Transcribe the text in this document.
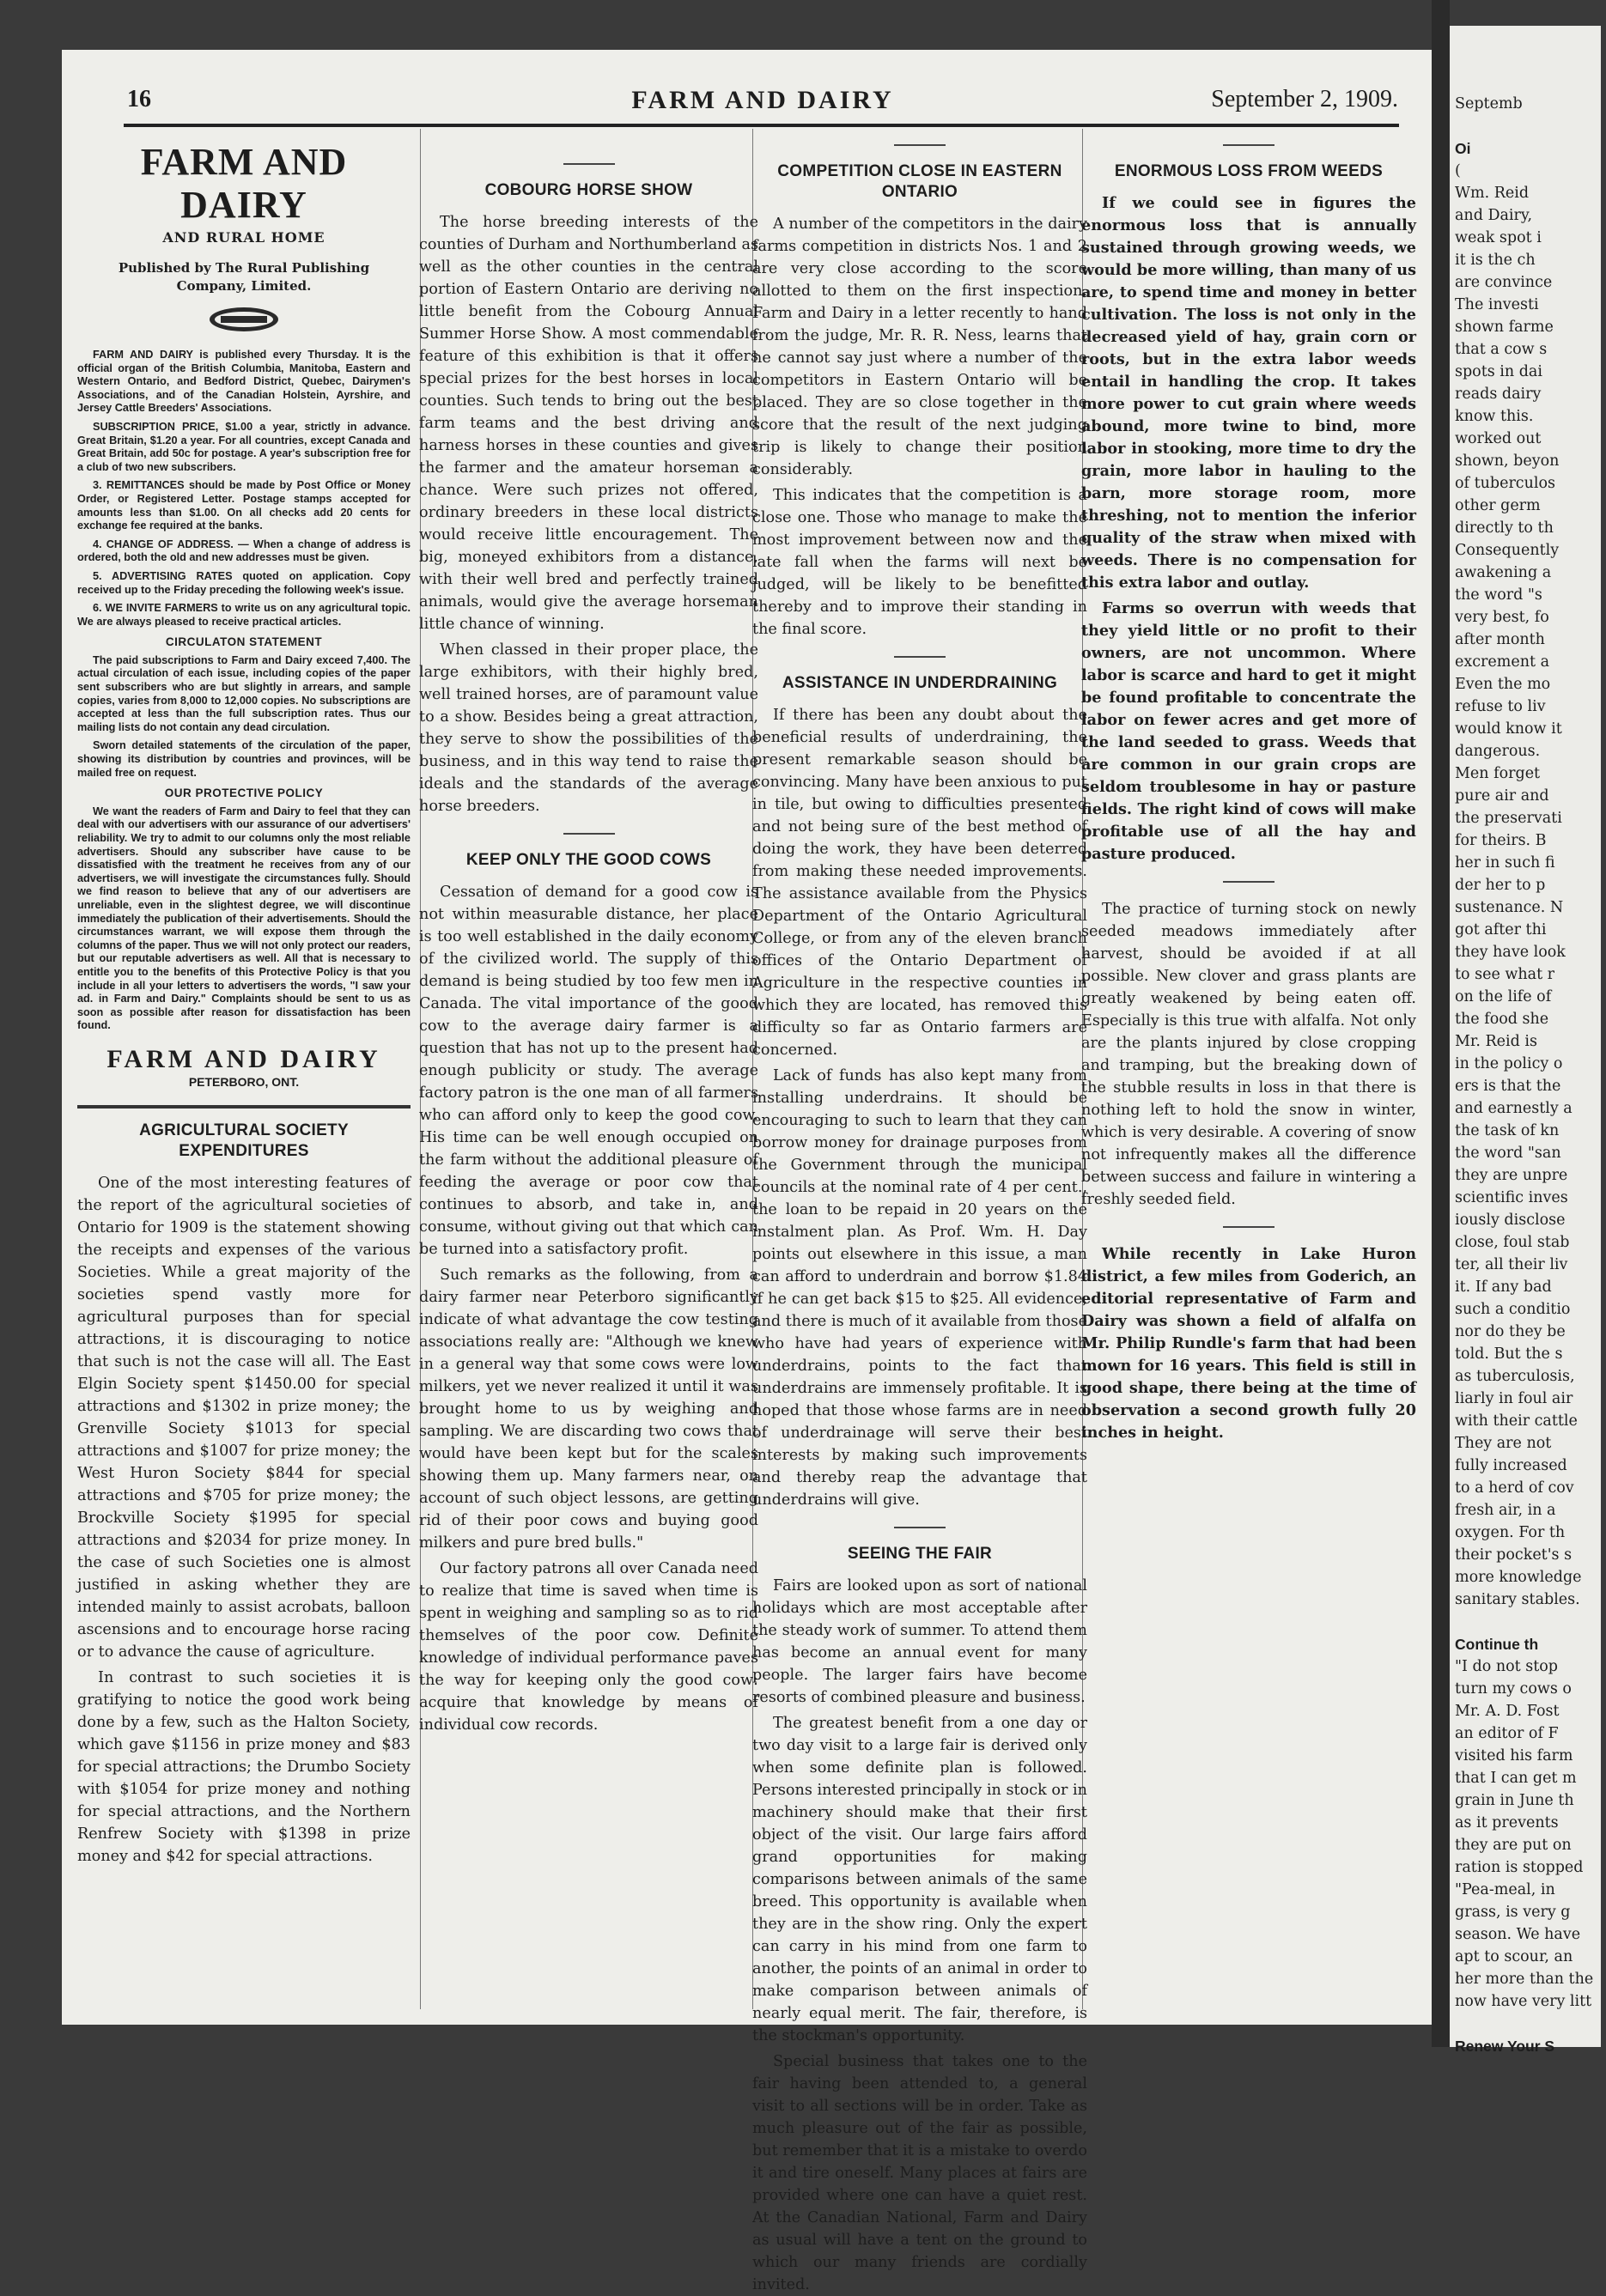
16	FARM AND DAIRY	September 2, 1909.
FARM AND DAIRY
AND RURAL HOME
Published by The Rural Publishing Company, Limited.

FARM AND DAIRY is published every Thursday. It is the official organ of the British Columbia, Manitoba, Eastern and Western Ontario, and Bedford District, Quebec, Dairymen's Associations, and of the Canadian Holstein, Ayrshire, and Jersey Cattle Breeders' Associations.

SUBSCRIPTION PRICE, $1.00 a year, strictly in advance. Great Britain, $1.20 a year. For all countries, except Canada and Great Britain, add 50c for postage. A year's subscription free for a club of two new subscribers.

3. REMITTANCES should be made by Post Office or Money Order, or Registered Letter. Postage stamps accepted for amounts less than $1.00. On all checks add 20 cents for exchange fee required at the banks.

4. CHANGE OF ADDRESS. — When a change of address is ordered, both the old and new addresses must be given.

5. ADVERTISING RATES quoted on application. Copy received up to the Friday preceding the following week's issue.

6. WE INVITE FARMERS to write us on any agricultural topic. We are always pleased to receive practical articles.

CIRCULATON STATEMENT

The paid subscriptions to Farm and Dairy exceed 7,400. The actual circulation of each issue, including copies of the paper sent subscribers who are but slightly in arrears, and sample copies, varies from 8,000 to 12,000 copies. No subscriptions are accepted at less than the full subscription rates. Thus our mailing lists do not contain any dead circulation.

Sworn detailed statements of the circulation of the paper, showing its distribution by countries and provinces, will be mailed free on request.

OUR PROTECTIVE POLICY

We want the readers of Farm and Dairy to feel that they can deal with our advertisers with our assurance of our advertisers' reliability. We try to admit to our columns only the most reliable advertisers. Should any subscriber have cause to be dissatisfied with the treatment he receives from any of our advertisers, we will investigate the circumstances fully. Should we find reason to believe that any of our advertisers are unreliable, even in the slightest degree, we will discontinue immediately the publication of their advertisements. Should the circumstances warrant, we will expose them through the columns of the paper. Thus we will not only protect our readers, but our reputable advertisers as well. All that is necessary to entitle you to the benefits of this Protective Policy is that you include in all your letters to advertisers the words, "I saw your ad. in Farm and Dairy." Complaints should be sent to us as soon as possible after reason for dissatisfaction has been found.

FARM AND DAIRY
PETERBORO, ONT.
AGRICULTURAL SOCIETY EXPENDITURES

One of the most interesting features of the report of the agricultural societies of Ontario for 1909 is the statement showing the receipts and expenses of the various Societies. While a great majority of the societies spend vastly more for agricultural purposes than for special attractions, it is discouraging to notice that such is not the case will all. The East Elgin Society spent $1450.00 for special attractions and $1302 in prize money; the Grenville Society $1013 for special attractions and $1007 for prize money; the West Huron Society $844 for special attractions and $705 for prize money; the Brockville Society $1995 for special attractions and $2034 for prize money. In the case of such Societies one is almost justified in asking whether they are intended mainly to assist acrobats, balloon ascensions and to encourage horse racing or to advance the cause of agriculture.

In contrast to such societies it is gratifying to notice the good work being done by a few, such as the Halton Society, which gave $1156 in prize money and $83 for special attractions; the Drumbo Society with $1054 for prize money and nothing for special attractions, and the Northern Renfrew Society with $1398 in prize money and $42 for special attractions.

COBOURG HORSE SHOW

The horse breeding interests of the counties of Durham and Northumberland as well as the other counties in the central portion of Eastern Ontario are deriving no little benefit from the Cobourg Annual Summer Horse Show. A most commendable feature of this exhibition is that it offers special prizes for the best horses in local counties. Such tends to bring out the best farm teams and the best driving and harness horses in these counties and gives the farmer and the amateur horseman a chance. Were such prizes not offered, ordinary breeders in these local districts would receive little encouragement. The big, moneyed exhibitors from a distance, with their well bred and perfectly trained animals, would give the average horseman little chance of winning.

When classed in their proper place, the large exhibitors, with their highly bred, well trained horses, are of paramount value to a show. Besides being a great attraction, they serve to show the possibilities of the business, and in this way tend to raise the ideals and the standards of the average horse breeders.

KEEP ONLY THE GOOD COWS

Cessation of demand for a good cow is not within measurable distance, her place is too well established in the daily economy of the civilized world. The supply of this demand is being studied by too few men in Canada. The vital importance of the good cow to the average dairy farmer is a question that has not up to the present had enough publicity or study. The average factory patron is the one man of all farmers who can afford only to keep the good cow. His time can be well enough occupied on the farm without the additional pleasure of feeding the average or poor cow that continues to absorb, and take in, and consume, without giving out that which can be turned into a satisfactory profit.

Such remarks as the following, from a dairy farmer near Peterboro significantly indicate of what advantage the cow testing associations really are: "Although we knew in a general way that some cows were low milkers, yet we never realized it until it was brought home to us by weighing and sampling. We are discarding two cows that would have been kept but for the scales showing them up. Many farmers near, on account of such object lessons, are getting rid of their poor cows and buying good milkers and pure bred bulls."

Our factory patrons all over Canada need to realize that time is saved when time is spent in weighing and sampling so as to rid themselves of the poor cow. Definite knowledge of individual performance paves the way for keeping only the good cow: acquire that knowledge by means of individual cow records.

COMPETITION CLOSE IN EASTERN ONTARIO

A number of the competitors in the dairy farms competition in districts Nos. 1 and 2 are very close according to the score allotted to them on the first inspection. Farm and Dairy in a letter recently to hand from the judge, Mr. R. R. Ness, learns that he cannot say just where a number of the competitors in Eastern Ontario will be placed. They are so close together in the score that the result of the next judging trip is likely to change their position considerably.

This indicates that the competition is a close one. Those who manage to make the most improvement between now and the late fall when the farms will next be judged, will be likely to be benefitted thereby and to improve their standing in the final score.

ASSISTANCE IN UNDERDRAINING

If there has been any doubt about the beneficial results of underdraining, the present remarkable season should be convincing. Many have been anxious to put in tile, but owing to difficulties presented and not being sure of the best method of doing the work, they have been deterred from making these needed improvements. The assistance available from the Physics Department of the Ontario Agricultural College, or from any of the eleven branch offices of the Ontario Department of Agriculture in the respective counties in which they are located, has removed this difficulty so far as Ontario farmers are concerned.

Lack of funds has also kept many from installing underdrains. It should be encouraging to such to learn that they can borrow money for drainage purposes from the Government through the municipal councils at the nominal rate of 4 per cent., the loan to be repaid in 20 years on the instalment plan. As Prof. Wm. H. Day points out elsewhere in this issue, a man can afford to underdrain and borrow $1.84 if he can get back $15 to $25. All evidence, and there is much of it available from those who have had years of experience with underdrains, points to the fact that underdrains are immensely profitable. It is hoped that those whose farms are in need of underdrainage will serve their best interests by making such improvements and thereby reap the advantage that underdrains will give.

SEEING THE FAIR

Fairs are looked upon as sort of national holidays which are most acceptable after the steady work of summer. To attend them has become an annual event for many people. The larger fairs have become resorts of combined pleasure and business.

The greatest benefit from a one day or two day visit to a large fair is derived only when some definite plan is followed. Persons interested principally in stock or in machinery should make that their first object of the visit. Our large fairs afford grand opportunities for making comparisons between animals of the same breed. This opportunity is available when they are in the show ring. Only the expert can carry in his mind from one farm to another, the points of an animal in order to make comparison between animals of nearly equal merit. The fair, therefore, is the stockman's opportunity.

Special business that takes one to the fair having been attended to, a general visit to all sections will be in order. Take as much pleasure out of the fair as possible, but remember that it is a mistake to overdo it and tire oneself. Many places at fairs are provided where one can have a quiet rest. At the Canadian National, Farm and Dairy as usual will have a tent on the ground to which our many friends are cordially invited.

ENORMOUS LOSS FROM WEEDS

If we could see in figures the enormous loss that is annually sustained through growing weeds, we would be more willing, than many of us are, to spend time and money in better cultivation. The loss is not only in the decreased yield of hay, grain corn or roots, but in the extra labor weeds entail in handling the crop. It takes more power to cut grain where weeds abound, more twine to bind, more labor in stooking, more time to dry the grain, more labor in hauling to the barn, more storage room, more threshing, not to mention the inferior quality of the straw when mixed with weeds. There is no compensation for this extra labor and outlay.

Farms so overrun with weeds that they yield little or no profit to their owners, are not uncommon. Where labor is scarce and hard to get it might be found profitable to concentrate the labor on fewer acres and get more of the land seeded to grass. Weeds that are common in our grain crops are seldom troublesome in hay or pasture fields. The right kind of cows will make profitable use of all the hay and pasture produced.

The practice of turning stock on newly seeded meadows immediately after harvest, should be avoided if at all possible. New clover and grass plants are greatly weakened by being eaten off. Especially is this true with alfalfa. Not only are the plants injured by close cropping and tramping, but the breaking down of the stubble results in loss in that there is nothing left to hold the snow in winter, which is very desirable. A covering of snow not infrequently makes all the difference between success and failure in wintering a freshly seeded field.

While recently in Lake Huron district, a few miles from Goderich, an editorial representative of Farm and Dairy was shown a field of alfalfa on Mr. Philip Rundle's farm that had been mown for 16 years. This field is still in good shape, there being at the time of observation a second growth fully 20 inches in height.

Septemb

Oi
(
Wm. Reid
and Dairy,
weak spot i
it is the ch
are convince
The investi
shown farme
that a cow s
spots in dai
reads dairy
know this.
worked out
shown, beyon
of tuberculos
other germ
directly to th
Consequently
awakening a
the word "s
very best, fo
after month
excrement a
Even the mo
refuse to liv
would know it
dangerous.
Men forget
pure air and
the preservati
for theirs. B
her in such fi
der her to p
sustenance. N
got after thi
they have look
to see what r
on the life of
the food she
Mr. Reid is
in the policy o
ers is that the
and earnestly a
the task of kn
the word "san
they are unpre
scientific inves
iously disclose
close, foul stab
ter, all their liv
it. If any bad
such a conditio
nor do they be
told. But the s
as tuberculosis,
liarly in foul air
with their cattle
They are not
fully increased
to a herd of cov
fresh air, in a
oxygen. For th
their pocket's s
more knowledge
sanitary stables.

Continue th
"I do not stop
turn my cows o
Mr. A. D. Fost
an editor of F
visited his farm
that I can get m
grain in June th
as it prevents
they are put on
ration is stopped
"Pea-meal, in
grass, is very g
season. We have
apt to scour, an
her more than the
now have very litt

Renew Your S
